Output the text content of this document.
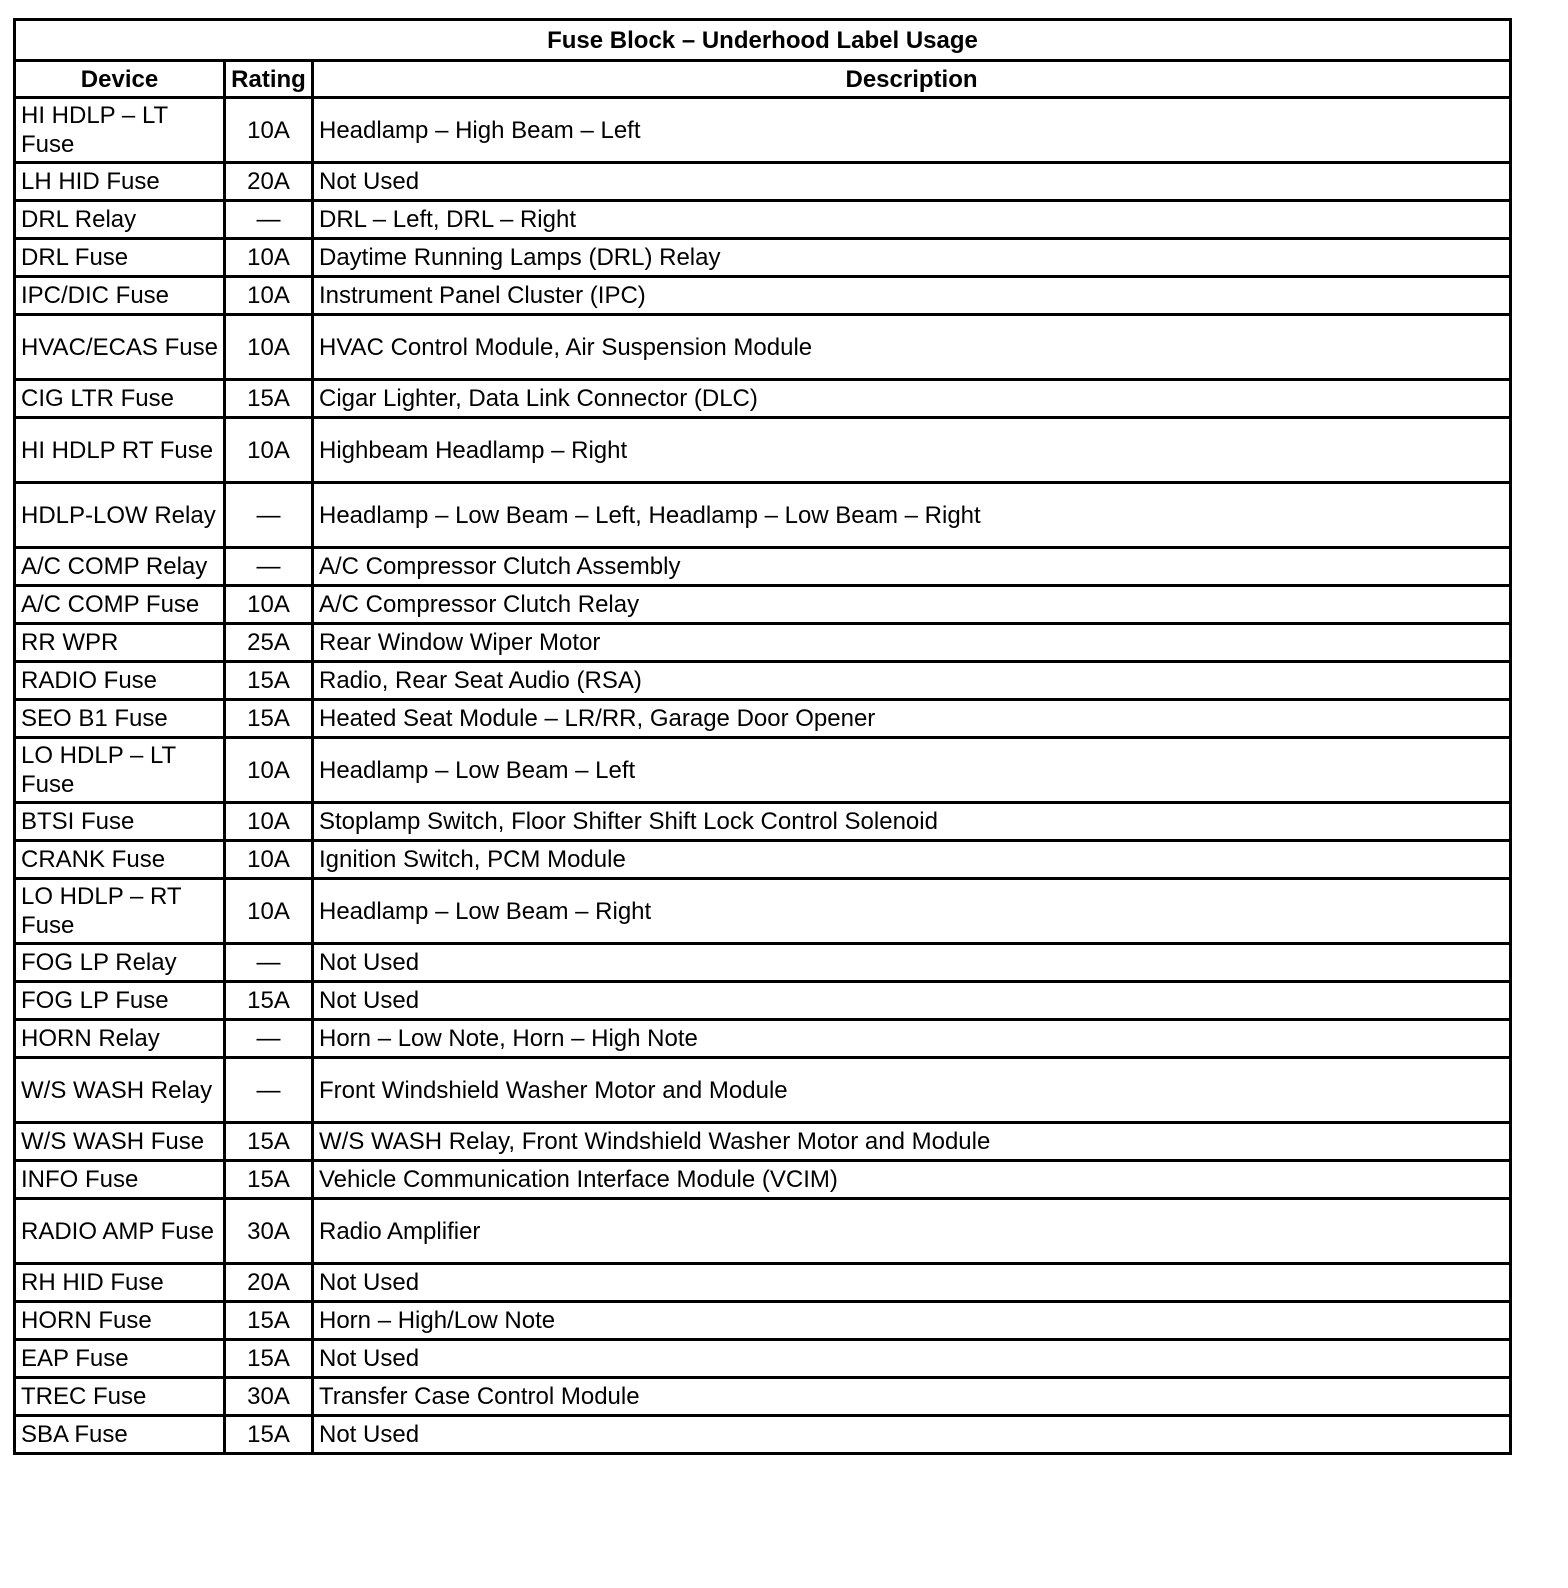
Fuse Block – Underhood Label Usage		
Device	Rating	Description
HI HDLP – LT Fuse	10A	Headlamp – High Beam – Left
LH HID Fuse	20A	Not Used
DRL Relay	—	DRL – Left, DRL – Right
DRL Fuse	10A	Daytime Running Lamps (DRL) Relay
IPC/DIC Fuse	10A	Instrument Panel Cluster (IPC)
HVAC/ECAS Fuse	10A	HVAC Control Module, Air Suspension Module
CIG LTR Fuse	15A	Cigar Lighter, Data Link Connector (DLC)
HI HDLP RT Fuse	10A	Highbeam Headlamp – Right
HDLP-LOW Relay	—	Headlamp – Low Beam – Left, Headlamp – Low Beam – Right
A/C COMP Relay	—	A/C Compressor Clutch Assembly
A/C COMP Fuse	10A	A/C Compressor Clutch Relay
RR WPR	25A	Rear Window Wiper Motor
RADIO Fuse	15A	Radio, Rear Seat Audio (RSA)
SEO B1 Fuse	15A	Heated Seat Module – LR/RR, Garage Door Opener
LO HDLP – LT Fuse	10A	Headlamp – Low Beam – Left
BTSI Fuse	10A	Stoplamp Switch, Floor Shifter Shift Lock Control Solenoid
CRANK Fuse	10A	Ignition Switch, PCM Module
LO HDLP – RT Fuse	10A	Headlamp – Low Beam – Right
FOG LP Relay	—	Not Used
FOG LP Fuse	15A	Not Used
HORN Relay	—	Horn – Low Note, Horn – High Note
W/S WASH Relay	—	Front Windshield Washer Motor and Module
W/S WASH Fuse	15A	W/S WASH Relay, Front Windshield Washer Motor and Module
INFO Fuse	15A	Vehicle Communication Interface Module (VCIM)
RADIO AMP Fuse	30A	Radio Amplifier
RH HID Fuse	20A	Not Used
HORN Fuse	15A	Horn – High/Low Note
EAP Fuse	15A	Not Used
TREC Fuse	30A	Transfer Case Control Module
SBA Fuse	15A	Not Used
